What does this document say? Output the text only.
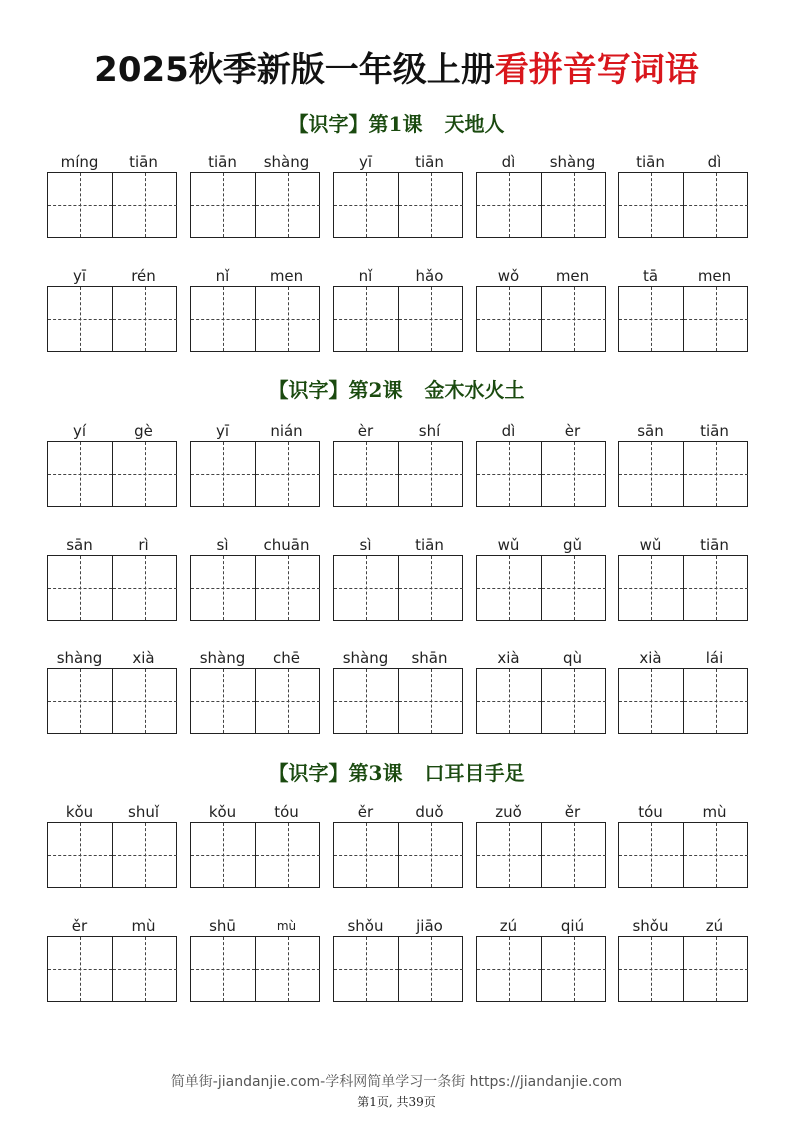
2025秋季新版一年级上册看拼音写词语
【识字】第1课 天地人
míng	tiān	tiān	shàng	yī	tiān	dì	shàng	tiān	dì
yī	rén	nǐ	men	nǐ	hǎo	wǒ	men	tā	men
【识字】第2课 金木水火土
yí	gè	yī	nián	èr	shí	dì	èr	sān	tiān
sān	rì	sì	chuān	sì	tiān	wǔ	gǔ	wǔ	tiān
shàng	xià	shàng	chē	shàng	shān	xià	qù	xià	lái
【识字】第3课 口耳目手足
kǒu	shuǐ	kǒu	tóu	ěr	duǒ	zuǒ	ěr	tóu	mù
ěr	mù	shū	mù	shǒu	jiāo	zú	qiú	shǒu	zú
简单街-jiandanjie.com-学科网简单学习一条街 https://jiandanjie.com
第1页, 共39页
